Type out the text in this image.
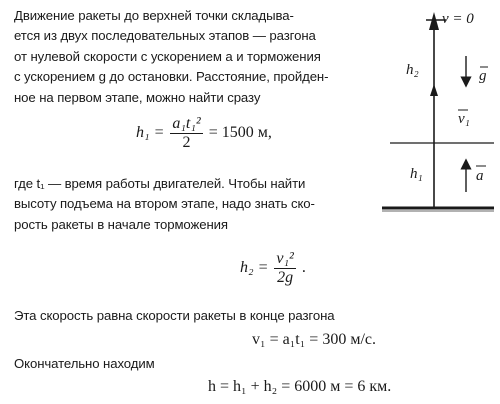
Движение ракеты до верхней точки складыва-
ется из двух последовательных этапов — разгона
от нулевой скорости с ускорением a и торможения
с ускорением g до остановки. Расстояние, пройден-
ное на первом этапе, можно найти сразу
$h_1 = \frac{\text{a₁t₁²}}{2} = 1500$ м,
где t₁ — время работы двигателей. Чтобы найти
высоту подъема на втором этапе, надо знать ско-
рость ракеты в начале торможения
$h_2 = \frac{\text{v₁²}}{2g}$ .
Эта скорость равна скорости ракеты в конце разгона
v₁ = a₁t₁ = 300 м/с.
Окончательно находим
h = h₁ + h₂ = 6000 м = 6 км.
v = 0
h₂	g
v₁
h₁	a
